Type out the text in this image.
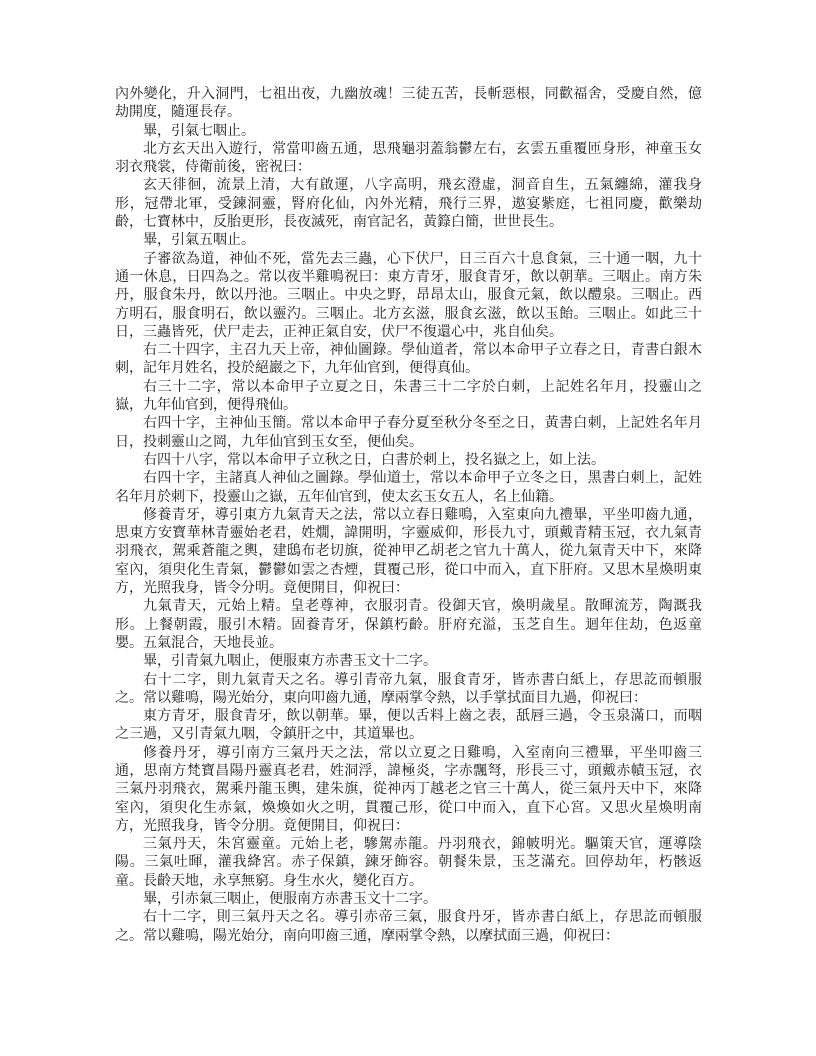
內外變化，升入洞門，七祖出夜，九幽放魂！三徒五苦，長斬惡根，同歡福舍，受慶自然，億劫開度，隨運長存。

畢，引氣七咽止。

北方玄天出入遊行，常當叩齒五通，思飛龜羽蓋翁鬱左右，玄雲五重覆匝身形，神童玉女羽衣飛裳，侍衛前後，密祝曰：

玄天徘徊，流景上清，大有啟運，八字高明，飛玄澄虛，洞音自生，五氣纏綿，灌我身形，冠帶北軍，受鍊洞靈，腎府化仙，內外光精，飛行三界，遨宴紫庭，七祖同慶，歡樂劫齡，七寶林中，反胎更形，長夜滅死，南官記名，黃籙白簡，世世長生。

畢，引氣五咽止。

子審欲為道，神仙不死，當先去三蟲，心下伏尸，日三百六十息食氣，三十通一咽，九十通一休息，日四為之。常以夜半雞鳴祝曰：東方青牙，服食青牙，飲以朝華。三咽止。南方朱丹，服食朱丹，飲以丹池。三咽止。中央之野，昂昂太山，服食元氣，飲以醴泉。三咽止。西方明石，服食明石，飲以靈汋。三咽止。北方玄滋，服食玄滋，飲以玉飴。三咽止。如此三十日，三蟲皆死，伏尸走去，正神正氣自安，伏尸不復還心中，兆自仙矣。

右二十四字，主召九天上帝，神仙圖錄。學仙道者，常以本命甲子立春之日，青書白銀木刺，記年月姓名，投於絕巖之下，九年仙官到，便得真仙。

右三十二字，常以本命甲子立夏之日，朱書三十二字於白刺，上記姓名年月，投靈山之嶽，九年仙官到，便得飛仙。

右四十字，主神仙玉簡。常以本命甲子春分夏至秋分冬至之日，黃書白刺，上記姓名年月日，投刺靈山之岡，九年仙官到玉女至，便仙矣。

右四十八字，常以本命甲子立秋之日，白書於刺上，投名嶽之上，如上法。

右四十字，主諸真人神仙之圖錄。學仙道士，常以本命甲子立冬之日，黑書白刺上，記姓名年月於刺下，投靈山之嶽，五年仙官到，使太玄玉女五人，名上仙籍。

修養青牙，導引東方九氣青天之法，常以立春日雞鳴，入室東向九禮畢，平坐叩齒九通，思東方安寶華林青靈始老君，姓燗，諱開明，字靈威仰，形長九寸，頭戴青精玉冠，衣九氣青羽飛衣，駕乘蒼龍之輿，建鴟布老切旗，從神甲乙胡老之官九十萬人，從九氣青天中下，來降室內，須臾化生青氣，鬱鬱如雲之杏煙，貫覆己形，從口中而入，直下肝府。又思木星煥明東方，光照我身，皆令分明。竟便開目，仰祝曰：

九氣青天，元始上精。皇老尊神，衣服羽青。役御天官，煥明歲星。散暉流芳，陶溉我形。上餐朝霞，服引木精。固養青牙，保鎮朽齡。肝府充溢，玉芝自生。迴年住劫，色返童嬰。五氣混合，天地長並。

畢，引青氣九咽止，便服東方赤書玉文十二字。

右十二字，則九氣青天之名。導引青帝九氣，服食青牙，皆赤書白紙上，存思訖而頓服之。常以雞鳴，陽光始分，東向叩齒九通，摩兩掌令熱，以手掌拭面目九過，仰祝曰：

東方青牙，服食青牙，飲以朝華。畢，便以舌料上齒之表，舐唇三過，令玉泉滿口，而咽之三過，又引青氣九咽，令鎮肝之中，其道畢也。

修養丹牙，導引南方三氣丹天之法，常以立夏之日雞鳴，入室南向三禮畢，平坐叩齒三通，思南方梵寶昌陽丹靈真老君，姓洞浮，諱極炎，字赤飄弩，形長三寸，頭戴赤幘玉冠，衣三氣丹羽飛衣，駕乘丹龍玉輿，建朱旗，從神丙丁越老之官三十萬人，從三氣丹天中下，來降室內，須臾化生赤氣，煥煥如火之明，貫覆己形，從口中而入，直下心宮。又思火星煥明南方，光照我身，皆令分朋。竟便開目，仰祝曰：

三氣丹天，朱宮靈童。元始上老，驂駕赤龍。丹羽飛衣，錦帔明光。驅策天官，運導陰陽。三氣吐暉，灌我絳宮。赤子保鎮，鍊牙飾容。朝餐朱景，玉芝滿充。回停劫年，朽骸返童。長齡天地，永享無窮。身生水火，變化百方。

畢，引赤氣三咽止，便服南方赤書玉文十二字。

右十二字，則三氣丹天之名。導引赤帝三氣，服食丹牙，皆赤書白紙上，存思訖而頓服之。常以雞鳴，陽光始分，南向叩齒三通，摩兩掌令熱，以摩拭面三過，仰祝曰：
